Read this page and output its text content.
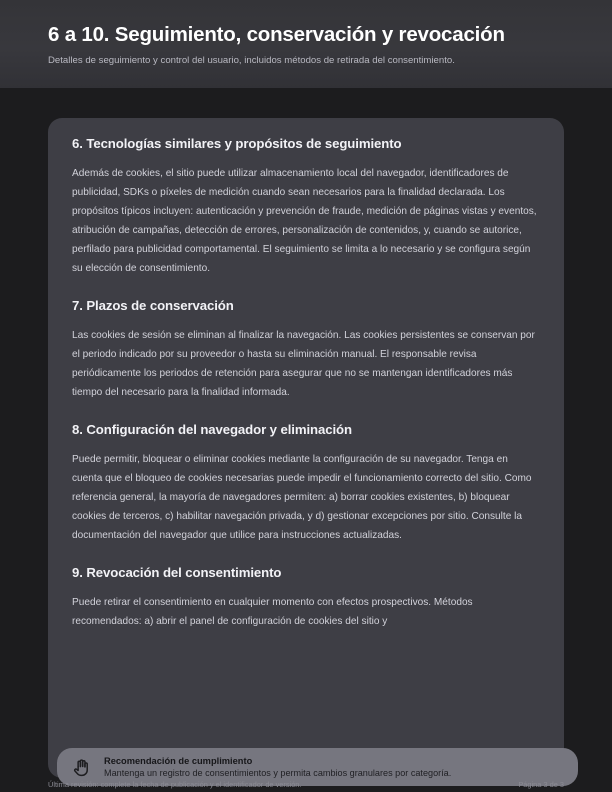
6 a 10. Seguimiento, conservación y revocación
Detalles de seguimiento y control del usuario, incluidos métodos de retirada del consentimiento.
6. Tecnologías similares y propósitos de seguimiento
Además de cookies, el sitio puede utilizar almacenamiento local del navegador, identificadores de publicidad, SDKs o píxeles de medición cuando sean necesarios para la finalidad declarada. Los propósitos típicos incluyen: autenticación y prevención de fraude, medición de páginas vistas y eventos, atribución de campañas, detección de errores, personalización de contenidos, y, cuando se autorice, perfilado para publicidad comportamental. El seguimiento se limita a lo necesario y se configura según su elección de consentimiento.
7. Plazos de conservación
Las cookies de sesión se eliminan al finalizar la navegación. Las cookies persistentes se conservan por el periodo indicado por su proveedor o hasta su eliminación manual. El responsable revisa periódicamente los periodos de retención para asegurar que no se mantengan identificadores más tiempo del necesario para la finalidad informada.
8. Configuración del navegador y eliminación
Puede permitir, bloquear o eliminar cookies mediante la configuración de su navegador. Tenga en cuenta que el bloqueo de cookies necesarias puede impedir el funcionamiento correcto del sitio. Como referencia general, la mayoría de navegadores permiten: a) borrar cookies existentes, b) bloquear cookies de terceros, c) habilitar navegación privada, y d) gestionar excepciones por sitio. Consulte la documentación del navegador que utilice para instrucciones actualizadas.
9. Revocación del consentimiento
Puede retirar el consentimiento en cualquier momento con efectos prospectivos. Métodos recomendados: a) abrir el panel de configuración de cookies del sitio y
Recomendación de cumplimiento
Mantenga un registro de consentimientos y permita cambios granulares por categoría.
Última revisión: complete la fecha de publicación y el identificador de versión.	Página 3 de 3
